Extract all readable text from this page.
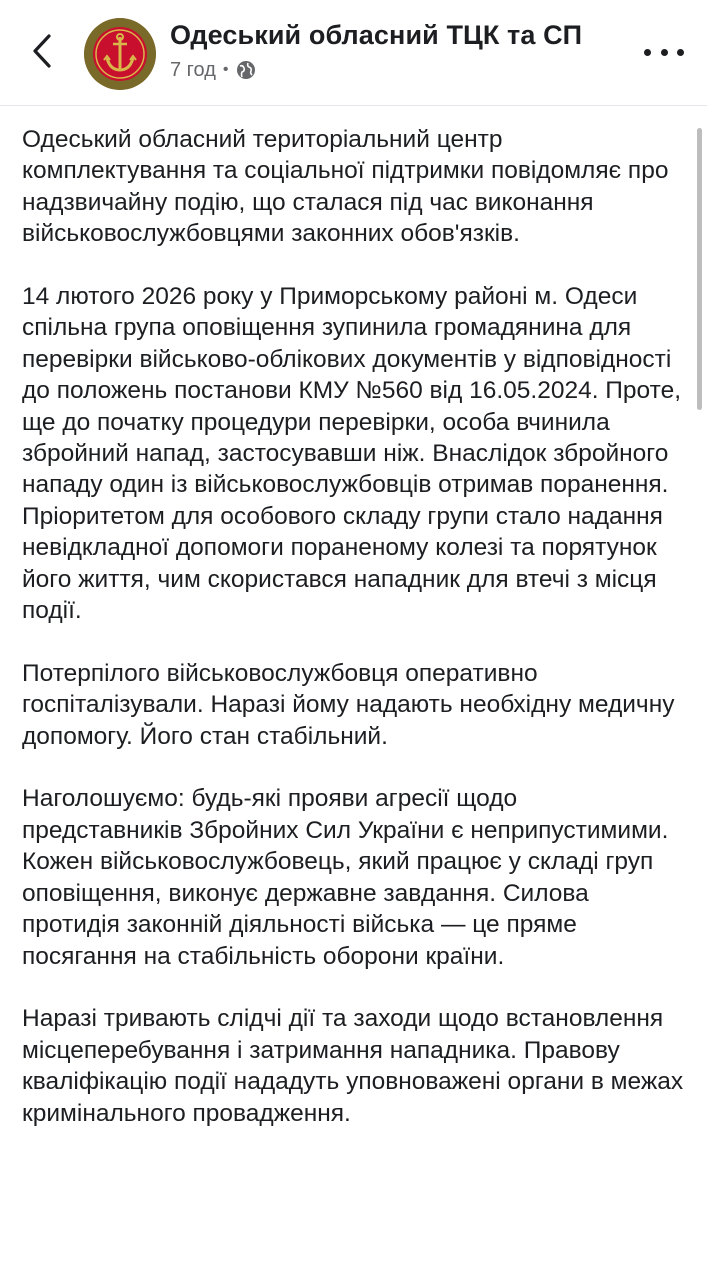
Одеський обласний ТЦК та СП
7 год •

Одеський обласний територіальний центр комплектування та соціальної підтримки повідомляє про надзвичайну подію, що сталася під час виконання військовослужбовцями законних обов'язків.

14 лютого 2026 року у Приморському районі м. Одеси спільна група оповіщення зупинила громадянина для перевірки військово-облікових документів у відповідності до положень постанови КМУ №560 від 16.05.2024. Проте, ще до початку процедури перевірки, особа вчинила збройний напад, застосувавши ніж. Внаслідок збройного нападу один із військовослужбовців отримав поранення. Пріоритетом для особового складу групи стало надання невідкладної допомоги пораненому колезі та порятунок його життя, чим скористався нападник для втечі з місця події.

Потерпілого військовослужбовця оперативно госпіталізували. Наразі йому надають необхідну медичну допомогу. Його стан стабільний.

Наголошуємо: будь-які прояви агресії щодо представників Збройних Сил України є неприпустимими. Кожен військовослужбовець, який працює у складі груп оповіщення, виконує державне завдання. Силова протидія законній діяльності війська — це пряме посягання на стабільність оборони країни.

Наразі тривають слідчі дії та заходи щодо встановлення місцеперебування і затримання нападника. Правову кваліфікацію події нададуть уповноважені органи в межах кримінального провадження.
